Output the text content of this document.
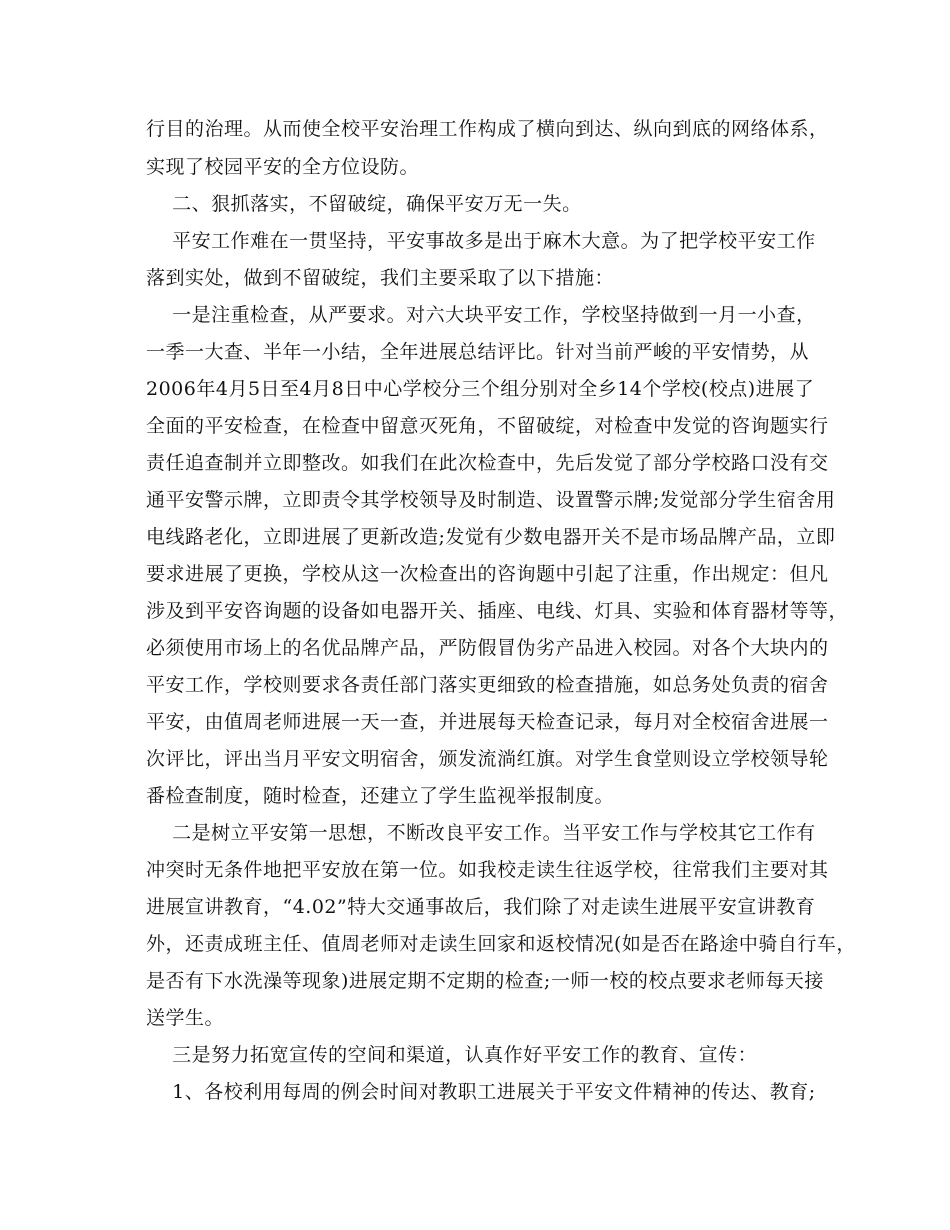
行目的治理。从而使全校平安治理工作构成了横向到达、纵向到底的网络体系，
实现了校园平安的全方位设防。
二、狠抓落实，不留破绽，确保平安万无一失。
平安工作难在一贯坚持，平安事故多是出于麻木大意。为了把学校平安工作
落到实处，做到不留破绽，我们主要采取了以下措施：
一是注重检查，从严要求。对六大块平安工作，学校坚持做到一月一小查，
一季一大查、半年一小结，全年进展总结评比。针对当前严峻的平安情势，从
2006年4月5日至4月8日中心学校分三个组分别对全乡14个学校(校点)进展了
全面的平安检查，在检查中留意灭死角，不留破绽，对检查中发觉的咨询题实行
责任追查制并立即整改。如我们在此次检查中，先后发觉了部分学校路口没有交
通平安警示牌，立即责令其学校领导及时制造、设置警示牌;发觉部分学生宿舍用
电线路老化，立即进展了更新改造;发觉有少数电器开关不是市场品牌产品，立即
要求进展了更换，学校从这一次检查出的咨询题中引起了注重，作出规定：但凡
涉及到平安咨询题的设备如电器开关、插座、电线、灯具、实验和体育器材等等，
必须使用市场上的名优品牌产品，严防假冒伪劣产品进入校园。对各个大块内的
平安工作，学校则要求各责任部门落实更细致的检查措施，如总务处负责的宿舍
平安，由值周老师进展一天一查，并进展每天检查记录，每月对全校宿舍进展一
次评比，评出当月平安文明宿舍，颁发流淌红旗。对学生食堂则设立学校领导轮
番检查制度，随时检查，还建立了学生监视举报制度。
二是树立平安第一思想，不断改良平安工作。当平安工作与学校其它工作有
冲突时无条件地把平安放在第一位。如我校走读生往返学校，往常我们主要对其
进展宣讲教育，“4.02”特大交通事故后，我们除了对走读生进展平安宣讲教育
外，还责成班主任、值周老师对走读生回家和返校情况(如是否在路途中骑自行车，
是否有下水洗澡等现象)进展定期不定期的检查;一师一校的校点要求老师每天接
送学生。
三是努力拓宽宣传的空间和渠道，认真作好平安工作的教育、宣传：
1、各校利用每周的例会时间对教职工进展关于平安文件精神的传达、教育;
